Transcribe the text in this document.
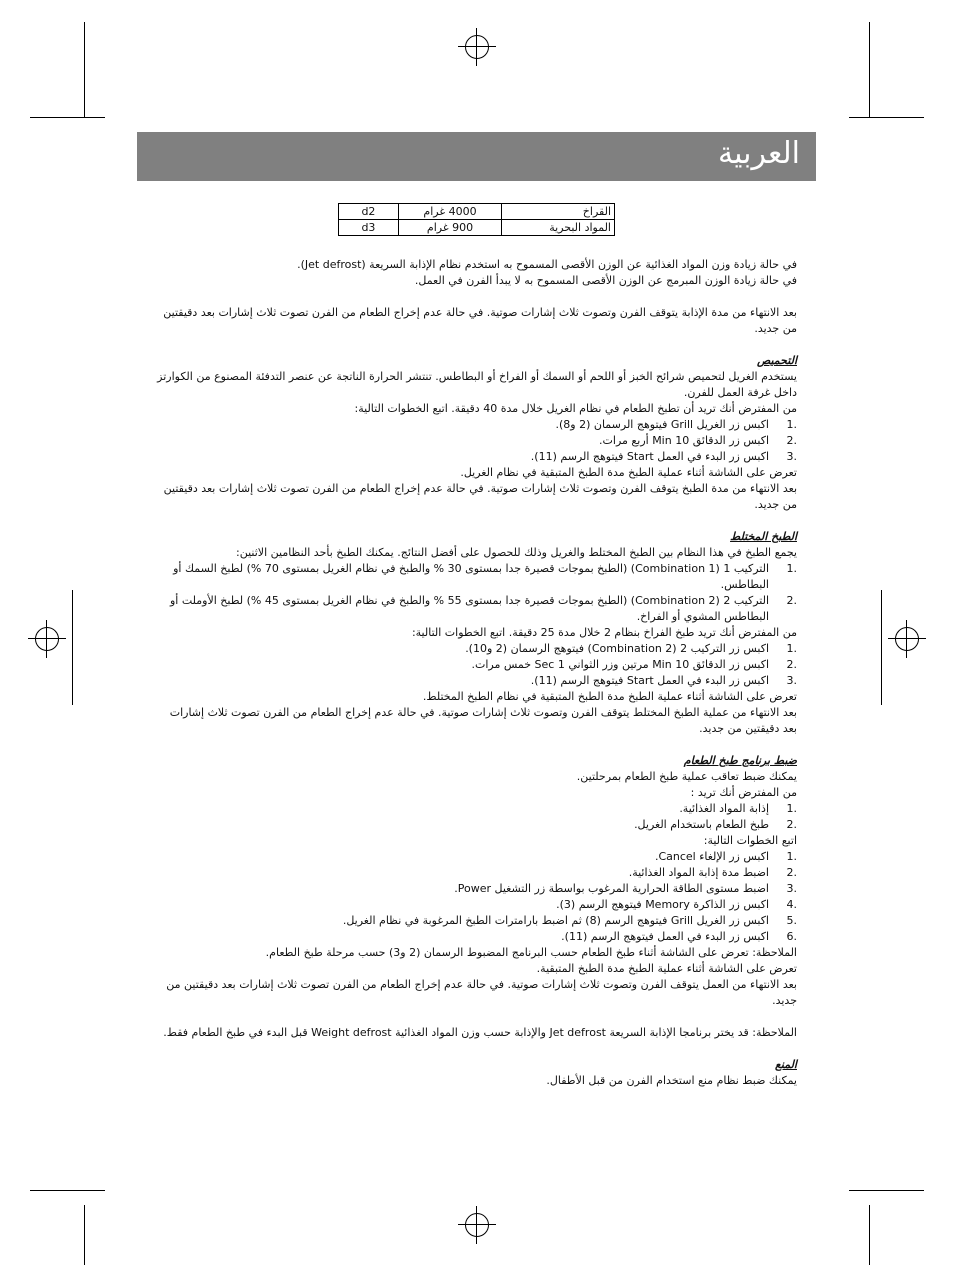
العربية
القراخ	4000 غرام	d2
المواد البحرية	900 غرام	d3

في حالة زيادة وزن المواد الغذائية عن الوزن الأقصى المسموح به استخدم نظام الإذابة السريعة (Jet defrost).

في حالة زيادة الوزن المبرمج عن الوزن الأقصى المسموح به لا يبدأ الفرن في العمل.

بعد الانتهاء من مدة الإذابة يتوقف الفرن وتصوت ثلاث إشارات صوتية. في حالة عدم إخراج الطعام من الفرن تصوت ثلاث إشارات بعد دقيقتين من جديد.

التحميص

يستخدم الغريل لتحميص شرائح الخبز أو اللحم أو السمك أو الفراخ أو البطاطس. تنتشر الحرارة الناتجة عن عنصر التدفئة المصنوع من الكوارتز داخل غرفة العمل للفرن.

من المفترض أنك تريد أن تطبخ الطعام في نظام الغريل خلال مدة 40 دقيقة. اتبع الخطوات التالية:

.1
اكبس زر الغريل Grill فيتوهج الرسمان (2 و8).
.2
اكبس زر الدقائق 10 Min أربع مرات.
.3
اكبس زر البدء في العمل Start فيتوهج الرسم (11).

تعرض على الشاشة أثناء عملية الطبخ مدة الطبخ المتبقية في نظام الغريل.

بعد الانتهاء من مدة الطبخ يتوقف الفرن وتصوت ثلاث إشارات صوتية. في حالة عدم إخراج الطعام من الفرن تصوت ثلاث إشارات بعد دقيقتين من جديد.

الطبخ المختلط

يجمع الطبخ في هذا النظام بين الطبخ المختلط والغريل وذلك للحصول على أفضل النتائج. يمكنك الطبخ بأحد النظامين الاثنين:

.1
التركيب 1 (Combination 1) (الطبخ بموجات قصيرة جدا بمستوى 30 % والطبخ في نظام الغريل بمستوى 70 %) لطبخ السمك أو البطاطس.
.2
التركيب 2 (Combination 2) (الطبخ بموجات قصيرة جدا بمستوى 55 % والطبخ في نظام الغريل بمستوى 45 %) لطبخ الأوملت أو البطاطس المشوي أو الفراخ.

من المفترض أنك تريد طبخ الفراخ بنظام 2 خلال مدة 25 دقيقة. اتبع الخطوات التالية:

.1
اكبس زر التركيب 2 (Combination 2) فيتوهج الرسمان (2 و10).
.2
اكبس زر الدقائق 10 Min مرتين وزر الثواني 1 Sec خمس مرات.
.3
اكبس زر البدء في العمل Start فيتوهج الرسم (11).

تعرض على الشاشة أثناء عملية الطبخ مدة الطبخ المتبقية في نظام الطبخ المختلط.

بعد الانتهاء من عملية الطبخ المختلط يتوقف الفرن وتصوت ثلاث إشارات صوتية. في حالة عدم إخراج الطعام من الفرن تصوت ثلاث إشارات بعد دقيقتين من جديد.

ضبط برنامج طبخ الطعام

يمكنك ضبط تعاقب عملية طبخ الطعام بمرحلتين.

من المفترض أنك تريد :

.1
إذابة المواد الغذائية.
.2
طبخ الطعام باستخدام الغريل.

اتبع الخطوات التالية:

.1
اكبس زر الإلغاء Cancel.
.2
اضبط مدة إذابة المواد الغذائية.
.3
اضبط مستوى الطاقة الحرارية المرغوب بواسطة زر التشغيل Power.
.4
اكبس زر الذاكرة Memory فيتوهج الرسم (3).
.5
اكبس زر الغريل Grill فيتوهج الرسم (8) ثم اضبط بارامترات الطبخ المرغوبة في نظام الغريل.
.6
اكبس زر البدء في العمل فيتوهج الرسم (11).

الملاحظة: تعرض على الشاشة أثناء طبخ الطعام حسب البرنامج المضبوط الرسمان (2 و3) حسب مرحلة طبخ الطعام.

تعرض على الشاشة أثناء عملية الطبخ مدة الطبخ المتبقية.

بعد الانتهاء من العمل يتوقف الفرن وتصوت ثلاث إشارات صوتية. في حالة عدم إخراج الطعام من الفرن تصوت ثلاث إشارات بعد دقيقتين من جديد.

الملاحظة: قد يختر برنامجا الإذابة السريعة Jet defrost والإذابة حسب وزن المواد الغذائية Weight defrost قبل البدء في طبخ الطعام فقط.

المنع

يمكنك ضبط نظام منع استخدام الفرن من قبل الأطفال.
